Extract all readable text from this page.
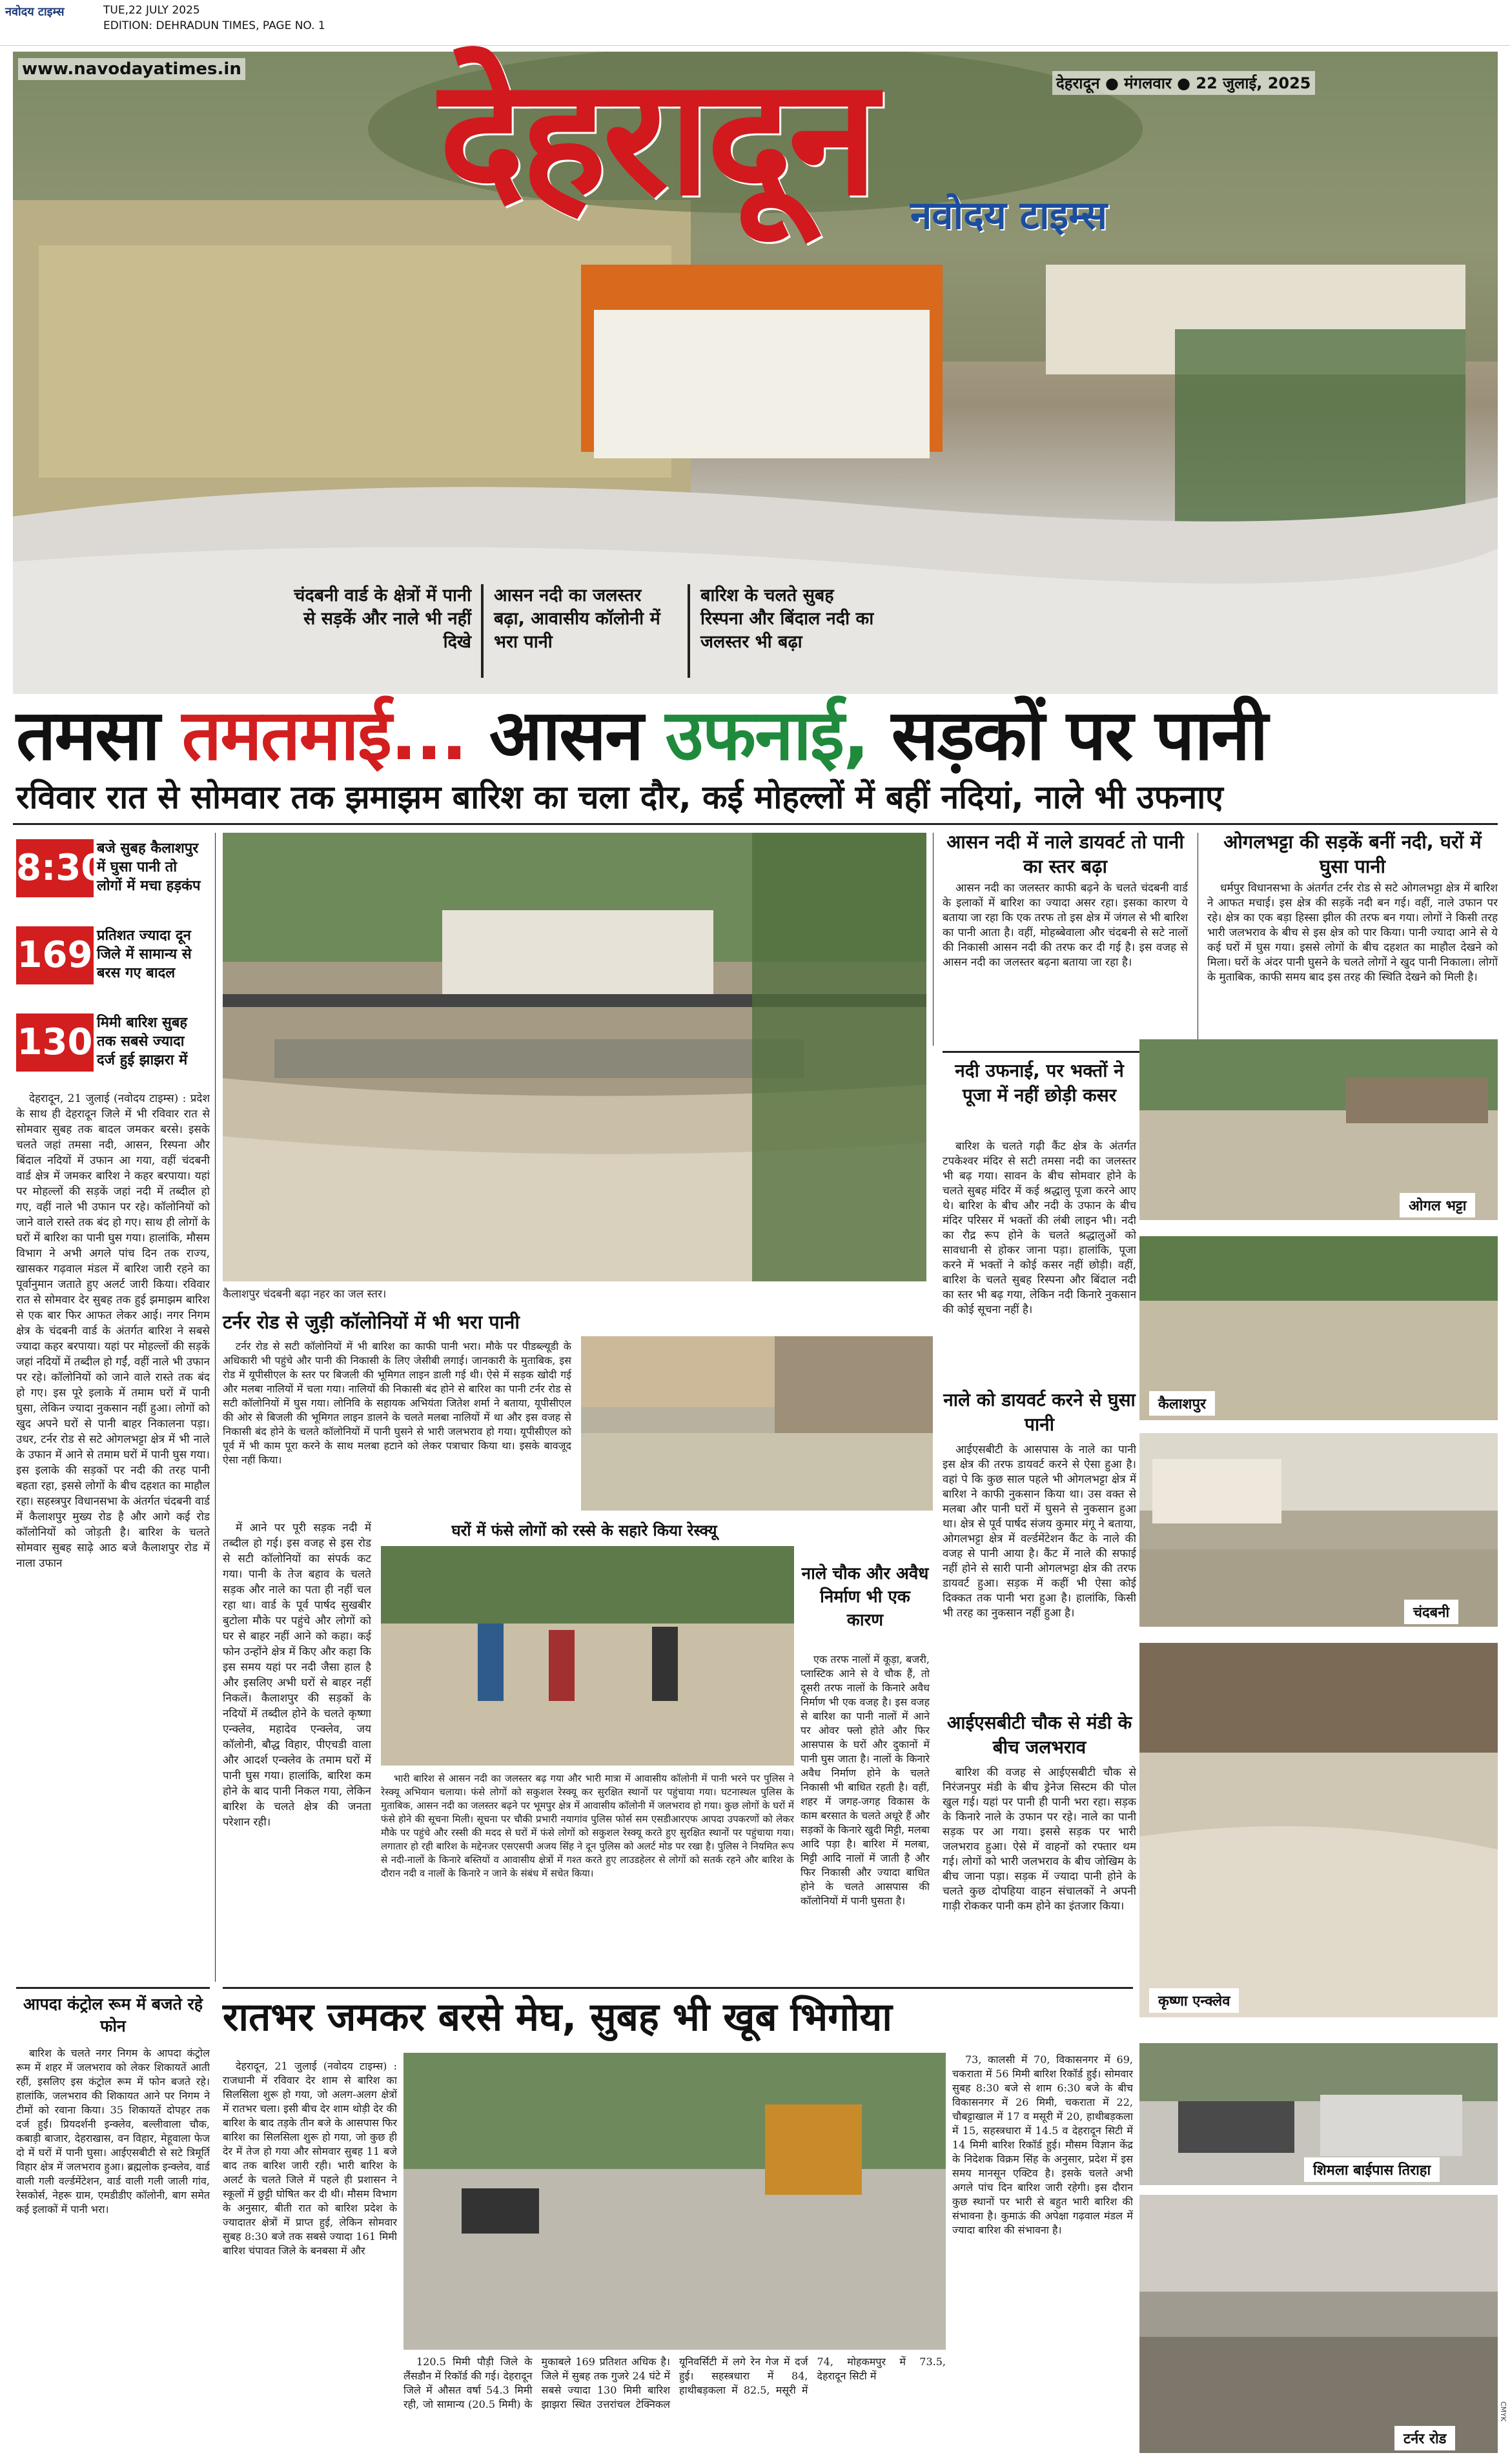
नवोदय टाइम्स	TUE,22 JULY 2025
EDITION: DEHRADUN TIMES, PAGE NO. 1
www.navodayatimes.in देहरादून नवोदय टाइम्स
देहरादून ● मंगलवार ● 22 जुलाई, 2025
चंदबनी वार्ड के क्षेत्रों में पानी से सड़कें और नाले भी नहीं दिखे
आसन नदी का जलस्तर बढ़ा, आवासीय कॉलोनी में भरा पानी
बारिश के चलते सुबह रिस्पना और बिंदाल नदी का जलस्तर भी बढ़ा
तमसा तमतमाई... आसन उफनाई, सड़कों पर पानी
रविवार रात से सोमवार तक झमाझम बारिश का चला दौर, कई मोहल्लों में बहीं नदियां, नाले भी उफनाए
8:30
बजे सुबह कैलाशपुर में घुसा पानी तो लोगों में मचा हड़कंप
169 प्रतिशत ज्यादा दून जिले में सामान्य से बरस गए बादल
130 मिमी बारिश सुबह तक सबसे ज्यादा दर्ज हुई झाझरा में

देहरादून, 21 जुलाई (नवोदय टाइम्स) : प्रदेश के साथ ही देहरादून जिले में भी रविवार रात से सोमवार सुबह तक बादल जमकर बरसे। इसके चलते जहां तमसा नदी, आसन, रिस्पना और बिंदाल नदियों में उफान आ गया, वहीं चंदबनी वार्ड क्षेत्र में जमकर बारिश ने कहर बरपाया। यहां पर मोहल्लों की सड़कें जहां नदी में तब्दील हो गए, वहीं नाले भी उफान पर रहे। कॉलोनियों को जाने वाले रास्ते तक बंद हो गए। साथ ही लोगों के घरों में बारिश का पानी घुस गया। हालांकि, मौसम विभाग ने अभी अगले पांच दिन तक राज्य, खासकर गढ़वाल मंडल में बारिश जारी रहने का पूर्वानुमान जताते हुए अलर्ट जारी किया। रविवार रात से सोमवार देर सुबह तक हुई झमाझम बारिश से एक बार फिर आफत लेकर आई। नगर निगम क्षेत्र के चंदबनी वार्ड के अंतर्गत बारिश ने सबसे ज्यादा कहर बरपाया। यहां पर मोहल्लों की सड़कें जहां नदियों में तब्दील हो गईं, वहीं नाले भी उफान पर रहे। कॉलोनियों को जाने वाले रास्ते तक बंद हो गए। इस पूरे इलाके में तमाम घरों में पानी घुसा, लेकिन ज्यादा नुकसान नहीं हुआ। लोगों को खुद अपने घरों से पानी बाहर निकालना पड़ा। उधर, टर्नर रोड से सटे ओगलभट्टा क्षेत्र में भी नाले के उफान में आने से तमाम घरों में पानी घुस गया। इस इलाके की सड़कों पर नदी की तरह पानी बहता रहा, इससे लोगों के बीच दहशत का माहौल रहा। सहस्त्रपुर विधानसभा के अंतर्गत चंदबनी वार्ड में कैलाशपुर मुख्य रोड है और आगे कई रोड कॉलोनियों को जोड़ती है। बारिश के चलते सोमवार सुबह साढ़े आठ बजे कैलाशपुर रोड में नाला उफान

कैलाशपुर चंदबनी बढ़ा नहर का जल स्तर।
आसन नदी में नाले डायवर्ट तो पानी का स्तर बढ़ा

आसन नदी का जलस्तर काफी बढ़ने के चलते चंदबनी वार्ड के इलाकों में बारिश का ज्यादा असर रहा। इसका कारण ये बताया जा रहा कि एक तरफ तो इस क्षेत्र में जंगल से भी बारिश का पानी आता है। वहीं, मोहब्बेवाला और चंदबनी से सटे नालों की निकासी आसन नदी की तरफ कर दी गई है। इस वजह से आसन नदी का जलस्तर बढ़ना बताया जा रहा है।

ओगलभट्टा की सड़कें बनीं नदी, घरों में घुसा पानी

धर्मपुर विधानसभा के अंतर्गत टर्नर रोड से सटे ओगलभट्टा क्षेत्र में बारिश ने आफत मचाई। इस क्षेत्र की सड़कें नदी बन गई। वहीं, नाले उफान पर रहे। क्षेत्र का एक बड़ा हिस्सा झील की तरफ बन गया। लोगों ने किसी तरह भारी जलभराव के बीच से इस क्षेत्र को पार किया। पानी ज्यादा आने से ये कई घरों में घुस गया। इससे लोगों के बीच दहशत का माहौल देखने को मिला। घरों के अंदर पानी घुसने के चलते लोगों ने खुद पानी निकाला। लोगों के मुताबिक, काफी समय बाद इस तरह की स्थिति देखने को मिली है।

नदी उफनाई, पर भक्तों ने पूजा में नहीं छोड़ी कसर

बारिश के चलते गढ़ी कैंट क्षेत्र के अंतर्गत टपकेश्वर मंदिर से सटी तमसा नदी का जलस्तर भी बढ़ गया। सावन के बीच सोमवार होने के चलते सुबह मंदिर में कई श्रद्धालु पूजा करने आए थे। बारिश के बीच और नदी के उफान के बीच मंदिर परिसर में भक्तों की लंबी लाइन भी। नदी का रौद्र रूप होने के चलते श्रद्धालुओं को सावधानी से होकर जाना पड़ा। हालांकि, पूजा करने में भक्तों ने कोई कसर नहीं छोड़ी। वहीं, बारिश के चलते सुबह रिस्पना और बिंदाल नदी का स्तर भी बढ़ गया, लेकिन नदी किनारे नुकसान की कोई सूचना नहीं है।

नाले को डायवर्ट करने से घुसा पानी

आईएसबीटी के आसपास के नाले का पानी इस क्षेत्र की तरफ डायवर्ट करने से ऐसा हुआ है। वहां पे कि कुछ साल पहले भी ओगलभट्टा क्षेत्र में बारिश ने काफी नुकसान किया था। उस वक्त से मलबा और पानी घरों में घुसने से नुकसान हुआ था। क्षेत्र से पूर्व पार्षद संजय कुमार मंगू ने बताया, ओगलभट्टा क्षेत्र में वर्ल्डमेंटेशन कैंट के नाले की वजह से पानी आया है। कैंट में नाले की सफाई नहीं होने से सारी पानी ओगलभट्टा क्षेत्र की तरफ डायवर्ट हुआ। सड़क में कहीं भी ऐसा कोई दिक्कत तक पानी भरा हुआ है। हालांकि, किसी भी तरह का नुकसान नहीं हुआ है।

आईएसबीटी चौक से मंडी के बीच जलभराव

बारिश की वजह से आईएसबीटी चौक से निरंजनपुर मंडी के बीच ड्रेनेज सिस्टम की पोल खुल गई। यहां पर पानी ही पानी भरा रहा। सड़क के किनारे नाले के उफान पर रहे। नाले का पानी सड़क पर आ गया। इससे सड़क पर भारी जलभराव हुआ। ऐसे में वाहनों को रफ्तार थम गई। लोगों को भारी जलभराव के बीच जोखिम के बीच जाना पड़ा। सड़क में ज्यादा पानी होने के चलते कुछ दोपहिया वाहन संचालकों ने अपनी गाड़ी रोककर पानी कम होने का इंतजार किया।

ओगल भट्टा
कैलाशपुर
चंदबनी
कृष्णा एन्क्लेव
शिमला बाईपास तिराहा
टर्नर रोड
टर्नर रोड से जुड़ी कॉलोनियों में भी भरा पानी

टर्नर रोड से सटी कॉलोनियों में भी बारिश का काफी पानी भरा। मौके पर पीडब्ल्यूडी के अधिकारी भी पहुंचे और पानी की निकासी के लिए जेसीबी लगाई। जानकारी के मुताबिक, इस रोड में यूपीसीएल के स्तर पर बिजली की भूमिगत लाइन डाली गई थी। ऐसे में सड़क खोदी गई और मलबा नालियों में चला गया। नालियों की निकासी बंद होने से बारिश का पानी टर्नर रोड से सटी कॉलोनियों में घुस गया। लोनिवि के सहायक अभियंता जितेश शर्मा ने बताया, यूपीसीएल की ओर से बिजली की भूमिगत लाइन डालने के चलते मलबा नालियों में था और इस वजह से निकासी बंद होने के चलते कॉलोनियों में पानी घुसने से भारी जलभराव हो गया। यूपीसीएल को पूर्व में भी काम पूरा करने के साथ मलबा हटाने को लेकर पत्राचार किया था। इसके बावजूद ऐसा नहीं किया।

में आने पर पूरी सड़क नदी में तब्दील हो गई। इस वजह से इस रोड से सटी कॉलोनियों का संपर्क कट गया। पानी के तेज बहाव के चलते सड़क और नाले का पता ही नहीं चल रहा था। वार्ड के पूर्व पार्षद सुखबीर बुटोला मौके पर पहुंचे और लोगों को घर से बाहर नहीं आने को कहा। कई फोन उन्होंने क्षेत्र में किए और कहा कि इस समय यहां पर नदी जैसा हाल है और इसलिए अभी घरों से बाहर नहीं निकलें। कैलाशपुर की सड़कों के नदियों में तब्दील होने के चलते कृष्णा एन्क्लेव, महादेव एन्क्लेव, जय कॉलोनी, बौद्ध विहार, पीएचडी वाला और आदर्श एन्क्लेव के तमाम घरों में पानी घुस गया। हालांकि, बारिश कम होने के बाद पानी निकल गया, लेकिन बारिश के चलते क्षेत्र की जनता परेशान रही।

घरों में फंसे लोगों को रस्से के सहारे किया रेस्क्यू

भारी बारिश से आसन नदी का जलस्तर बढ़ गया और भारी मात्रा में आवासीय कॉलोनी में पानी भरने पर पुलिस ने रेस्क्यू अभियान चलाया। फंसे लोगों को सकुशल रेस्क्यू कर सुरक्षित स्थानों पर पहुंचाया गया। घटनास्थल पुलिस के मुताबिक, आसन नदी का जलस्तर बढ़ने पर भूमपुर क्षेत्र में आवासीय कॉलोनी में जलभराव हो गया। कुछ लोगों के घरों में फंसे होने की सूचना मिली। सूचना पर चौकी प्रभारी नयागांव पुलिस फोर्स सम एसडीआरएफ आपदा उपकरणों को लेकर मौके पर पहुंचे और रस्सी की मदद से घरों में फंसे लोगों को सकुशल रेस्क्यू करते हुए सुरक्षित स्थानों पर पहुंचाया गया। लगातार हो रही बारिश के मद्देनजर एसएसपी अजय सिंह ने दून पुलिस को अलर्ट मोड पर रखा है। पुलिस ने नियमित रूप से नदी-नालों के किनारे बस्तियों व आवासीय क्षेत्रों में गश्त करते हुए लाउडहेलर से लोगों को सतर्क रहने और बारिश के दौरान नदी व नालों के किनारे न जाने के संबंध में सचेत किया।

नाले चौक और अवैध निर्माण भी एक कारण

एक तरफ नालों में कूड़ा, बजरी, प्लास्टिक आने से वे चौक हैं, तो दूसरी तरफ नालों के किनारे अवैध निर्माण भी एक वजह है। इस वजह से बारिश का पानी नालों में आने पर ओवर फ्लो होते और फिर आसपास के घरों और दुकानों में पानी घुस जाता है। नालों के किनारे अवैध निर्माण होने के चलते निकासी भी बाधित रहती है। वहीं, शहर में जगह-जगह विकास के काम बरसात के चलते अधूरे हैं और सड़कों के किनारे खुदी मिट्टी, मलबा आदि पड़ा है। बारिश में मलबा, मिट्टी आदि नालों में जाती है और फिर निकासी और ज्यादा बाधित होने के चलते आसपास की कॉलोनियों में पानी घुसता है।

आपदा कंट्रोल रूम में बजते रहे फोन

बारिश के चलते नगर निगम के आपदा कंट्रोल रूम में शहर में जलभराव को लेकर शिकायतें आती रहीं, इसलिए इस कंट्रोल रूम में फोन बजते रहे। हालांकि, जलभराव की शिकायत आने पर निगम ने टीमों को रवाना किया। 35 शिकायतें दोपहर तक दर्ज हुईं। प्रियदर्शनी इन्क्लेव, बल्लीवाला चौक, कबाड़ी बाजार, देहराखास, वन विहार, मेहूवाला फेज दो में घरों में पानी घुसा। आईएसबीटी से सटे त्रिमूर्ति विहार क्षेत्र में जलभराव हुआ। ब्रह्मलोक इन्क्लेव, वार्ड वाली गली वर्ल्डमेंटेशन, वार्ड वाली गली जाली गांव, रेसकोर्स, नेहरू ग्राम, एमडीडीए कॉलोनी, बाग समेत कई इलाकों में पानी भरा।

रातभर जमकर बरसे मेघ, सुबह भी खूब भिगोया

देहरादून, 21 जुलाई (नवोदय टाइम्स) : राजधानी में रविवार देर शाम से बारिश का सिलसिला शुरू हो गया, जो अलग-अलग क्षेत्रों में रातभर चला। इसी बीच देर शाम थोड़ी देर की बारिश के बाद तड़के तीन बजे के आसपास फिर बारिश का सिलसिला शुरू हो गया, जो कुछ ही देर में तेज हो गया और सोमवार सुबह 11 बजे बाद तक बारिश जारी रही। भारी बारिश के अलर्ट के चलते जिले में पहले ही प्रशासन ने स्कूलों में छुट्टी घोषित कर दी थी। मौसम विभाग के अनुसार, बीती रात को बारिश प्रदेश के ज्यादातर क्षेत्रों में प्राप्त हुई, लेकिन सोमवार सुबह 8:30 बजे तक सबसे ज्यादा 161 मिमी बारिश चंपावत जिले के बनबसा में और

73, कालसी में 70, विकासनगर में 69, चकराता में 56 मिमी बारिश रिकॉर्ड हुई। सोमवार सुबह 8:30 बजे से शाम 6:30 बजे के बीच विकासनगर में 26 मिमी, चकराता में 22, चौबट्टाखाल में 17 व मसूरी में 20, हाथीबड़कला में 15, सहस्त्रधारा में 14.5 व देहरादून सिटी में 14 मिमी बारिश रिकॉर्ड हुई। मौसम विज्ञान केंद्र के निदेशक विक्रम सिंह के अनुसार, प्रदेश में इस समय मानसून एक्टिव है। इसके चलते अभी अगले पांच दिन बारिश जारी रहेगी। इस दौरान कुछ स्थानों पर भारी से बहुत भारी बारिश की संभावना है। कुमाऊं की अपेक्षा गढ़वाल मंडल में ज्यादा बारिश की संभावना है।

120.5 मिमी पौड़ी जिले के लैंसडौन में रिकॉर्ड की गई। देहरादून जिले में औसत वर्षा 54.3 मिमी रही, जो सामान्य (20.5 मिमी) के मुकाबले 169 प्रतिशत अधिक है। जिले में सुबह तक गुजरे 24 घंटे में सबसे ज्यादा 130 मिमी बारिश झाझरा स्थित उत्तरांचल टेक्निकल यूनिवर्सिटी में लगे रेन गेज में दर्ज हुई। सहस्त्रधारा में 84, हाथीबड़कला में 82.5, मसूरी में 74, मोहकमपुर में 73.5, देहरादून सिटी में

CMYK
